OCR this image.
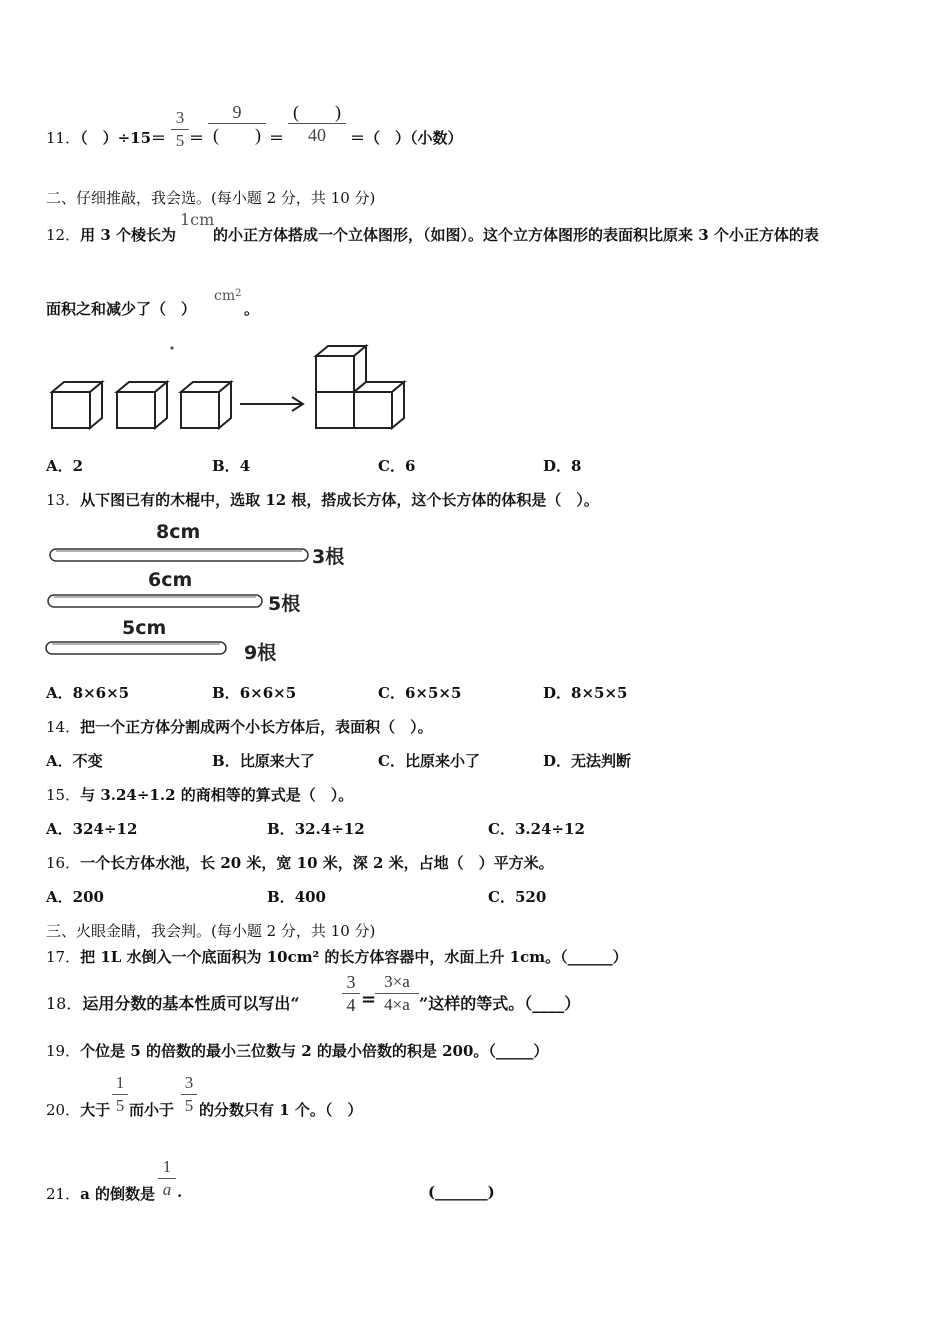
11．（　）÷15＝
3
5 ＝
9
(　　) ＝
(　　)
40	＝（　）（小数）
二、仔细推敲，我会选。(每小题 2 分，共 10 分)
12．用 3 个棱长为
1cm
的小正方体搭成一个立体图形，（如图）。这个立方体图形的表面积比原来 3 个小正方体的表
面积之和减少了（　）
$cm^2$
。
A．2	B．4	C．6	D．8
13．从下图已有的木棍中，选取 12 根，搭成长方体，这个长方体的体积是（　）。
8cm
3根
6cm
5根
5cm
9根
A．8×6×5	B．6×6×5	C．6×5×5	D．8×5×5
14．把一个正方体分割成两个小长方体后，表面积（　）。
A．不变	B．比原来大了	C．比原来小了	D．无法判断
15．与 3.24÷1.2 的商相等的算式是（　）。
A．324÷12	B．32.4÷12	C．3.24÷12
16．一个长方体水池，长 20 米，宽 10 米，深 2 米，占地（　）平方米。
A．200	B．400	C．520
三、火眼金睛，我会判。(每小题 2 分，共 10 分)
17．把 1L 水倒入一个底面积为 10cm² 的长方体容器中，水面上升 1cm。（______）
18．运用分数的基本性质可以写出“
3
4 =
3×a
4×a ”这样的等式。（____）
19．个位是 5 的倍数的最小三位数与 2 的最小倍数的积是 200。（_____）
20．大于
1
5 而小于
3
5 的分数只有 1 个。（　）
21．a 的倒数是
1
a .	(_______)
